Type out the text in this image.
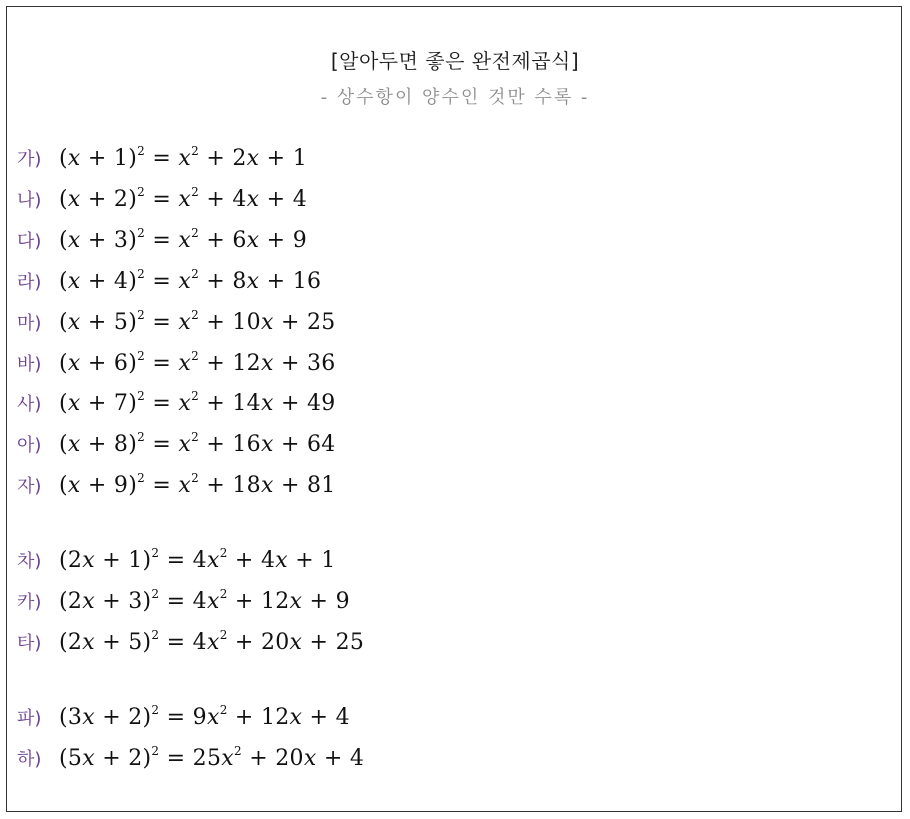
[알아두면 좋은 완전제곱식]
- 상수항이 양수인 것만 수록 -
가) $(x + 1)^2 = x^2 + 2x + 1$
나) $(x + 2)^2 = x^2 + 4x + 4$
다) $(x + 3)^2 = x^2 + 6x + 9$
라) $(x + 4)^2 = x^2 + 8x + 16$
마) $(x + 5)^2 = x^2 + 10x + 25$
바) $(x + 6)^2 = x^2 + 12x + 36$
사) $(x + 7)^2 = x^2 + 14x + 49$
아) $(x + 8)^2 = x^2 + 16x + 64$
자) $(x + 9)^2 = x^2 + 18x + 81$
차) $(2x + 1)^2 = 4x^2 + 4x + 1$
카) $(2x + 3)^2 = 4x^2 + 12x + 9$
타) $(2x + 5)^2 = 4x^2 + 20x + 25$
파) $(3x + 2)^2 = 9x^2 + 12x + 4$
하) $(5x + 2)^2 = 25x^2 + 20x + 4$
